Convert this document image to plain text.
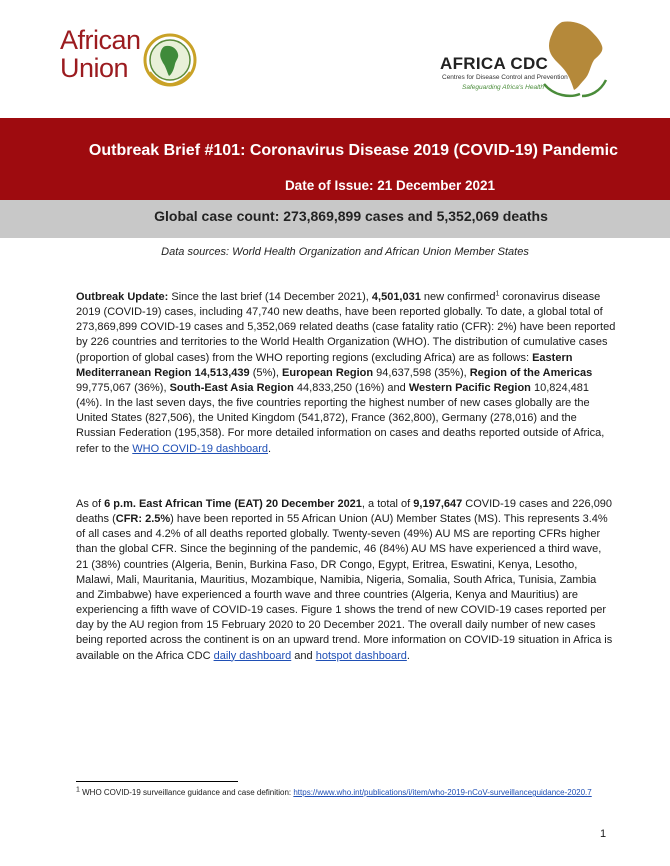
African
Union	AFRICA CDC
Centres for Disease Control and Prevention
Safeguarding Africa's Health
Outbreak Brief #101: Coronavirus Disease 2019 (COVID-19) Pandemic
Date of Issue: 21 December 2021
Global case count: 273,869,899 cases and 5,352,069 deaths
Data sources: World Health Organization and African Union Member States
Outbreak Update: Since the last brief (14 December 2021), 4,501,031 new confirmed$^1$ coronavirus disease 2019 (COVID-19) cases, including 47,740 new deaths, have been reported globally. To date, a global total of 273,869,899 COVID-19 cases and 5,352,069 related deaths (case fatality ratio (CFR): 2%) have been reported by 226 countries and territories to the World Health Organization (WHO). The distribution of cumulative cases (proportion of global cases) from the WHO reporting regions (excluding Africa) are as follows: Eastern Mediterranean Region 14,513,439 (5%), European Region 94,637,598 (35%), Region of the Americas 99,775,067 (36%), South-East Asia Region 44,833,250 (16%) and Western Pacific Region 10,824,481 (4%). In the last seven days, the five countries reporting the highest number of new cases globally are the United States (827,506), the United Kingdom (541,872), France (362,800), Germany (278,016) and the Russian Federation (195,358). For more detailed information on cases and deaths reported outside of Africa, refer to the WHO COVID-19 dashboard.
As of 6 p.m. East African Time (EAT) 20 December 2021, a total of 9,197,647 COVID-19 cases and 226,090 deaths (CFR: 2.5%) have been reported in 55 African Union (AU) Member States (MS). This represents 3.4% of all cases and 4.2% of all deaths reported globally. Twenty-seven (49%) AU MS are reporting CFRs higher than the global CFR. Since the beginning of the pandemic, 46 (84%) AU MS have experienced a third wave, 21 (38%) countries (Algeria, Benin, Burkina Faso, DR Congo, Egypt, Eritrea, Eswatini, Kenya, Lesotho, Malawi, Mali, Mauritania, Mauritius, Mozambique, Namibia, Nigeria, Somalia, South Africa, Tunisia, Zambia and Zimbabwe) have experienced a fourth wave and three countries (Algeria, Kenya and Mauritius) are experiencing a fifth wave of COVID-19 cases. Figure 1 shows the trend of new COVID-19 cases reported per day by the AU region from 15 February 2020 to 20 December 2021. The overall daily number of new cases being reported across the continent is on an upward trend. More information on COVID-19 situation in Africa is available on the Africa CDC daily dashboard and hotspot dashboard.
$^1$ WHO COVID-19 surveillance guidance and case definition: https://www.who.int/publications/i/item/who-2019-nCoV-surveillanceguidance-2020.7
1
